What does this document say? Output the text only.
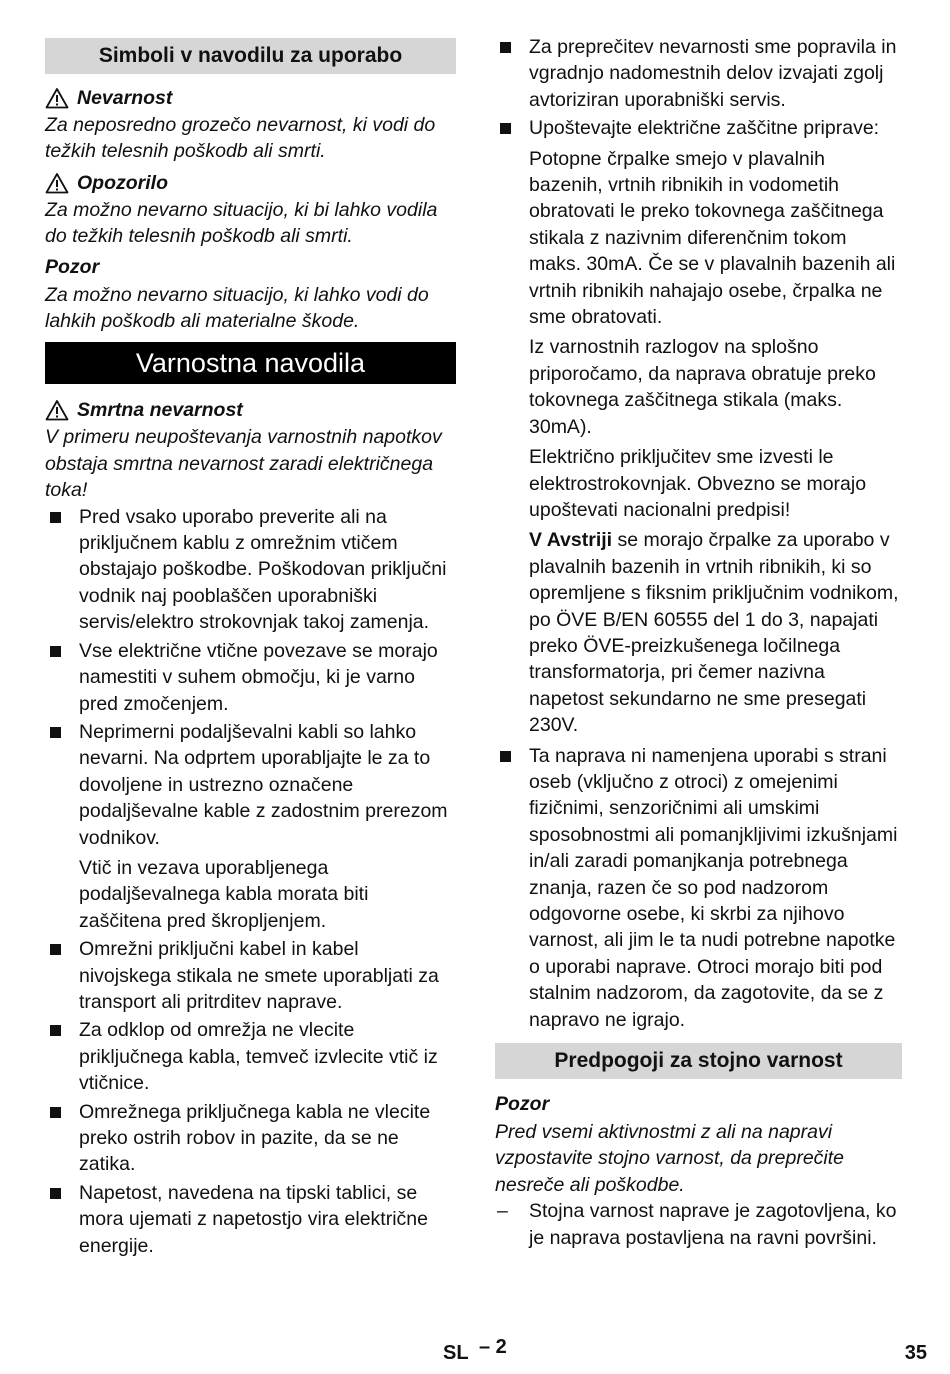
Simboli v navodilu za uporabo
Nevarnost
Za neposredno grozečo nevarnost, ki vodi do težkih telesnih poškodb ali smrti.
Opozorilo
Za možno nevarno situacijo, ki bi lahko vodila do težkih telesnih poškodb ali smrti.
Pozor
Za možno nevarno situacijo, ki lahko vodi do lahkih poškodb ali materialne škode.
Varnostna navodila
Smrtna nevarnost
V primeru neupoštevanja varnostnih napotkov obstaja smrtna nevarnost zaradi električnega toka!

Pred vsako uporabo preverite ali na priključnem kablu z omrežnim vtičem obstajajo poškodbe. Poškodovan priključni vodnik naj pooblaščen uporabniški servis/elektro strokovnjak takoj zamenja.

Vse električne vtične povezave se morajo namestiti v suhem območju, ki je varno pred zmočenjem.

Neprimerni podaljševalni kabli so lahko nevarni. Na odprtem uporabljajte le za to dovoljene in ustrezno označene podaljševalne kable z zadostnim prerezom vodnikov.

Vtič in vezava uporabljenega podaljševalnega kabla morata biti zaščitena pred škropljenjem.

Omrežni priključni kabel in kabel nivojskega stikala ne smete uporabljati za transport ali pritrditev naprave.

Za odklop od omrežja ne vlecite priključnega kabla, temveč izvlecite vtič iz vtičnice.

Omrežnega priključnega kabla ne vlecite preko ostrih robov in pazite, da se ne zatika.

Napetost, navedena na tipski tablici, se mora ujemati z napetostjo vira električne energije.

Za preprečitev nevarnosti sme popravila in vgradnjo nadomestnih delov izvajati zgolj avtoriziran uporabniški servis.

Upoštevajte električne zaščitne priprave:

Potopne črpalke smejo v plavalnih bazenih, vrtnih ribnikih in vodometih obratovati le preko tokovnega zaščitnega stikala z nazivnim diferenčnim tokom maks. 30mA. Če se v plavalnih bazenih ali vrtnih ribnikih nahajajo osebe, črpalka ne sme obratovati.

Iz varnostnih razlogov na splošno priporočamo, da naprava obratuje preko tokovnega zaščitnega stikala (maks. 30mA).

Električno priključitev sme izvesti le elektrostrokovnjak. Obvezno se morajo upoštevati nacionalni predpisi!

V Avstriji se morajo črpalke za uporabo v plavalnih bazenih in vrtnih ribnikih, ki so opremljene s fiksnim priključnim vodnikom, po ÖVE B/EN 60555 del 1 do 3, napajati preko ÖVE-preizkušenega ločilnega transformatorja, pri čemer nazivna napetost sekundarno ne sme presegati 230V.

Ta naprava ni namenjena uporabi s strani oseb (vključno z otroci) z omejenimi fizičnimi, senzoričnimi ali umskimi sposobnostmi ali pomanjkljivimi izkušnjami in/ali zaradi pomanjkanja potrebnega znanja, razen če so pod nadzorom odgovorne osebe, ki skrbi za njihovo varnost, ali jim le ta nudi potrebne napotke o uporabi naprave. Otroci morajo biti pod stalnim nadzorom, da zagotovite, da se z napravo ne igrajo.

Predpogoji za stojno varnost
Pozor
Pred vsemi aktivnostmi z ali na napravi vzpostavite stojno varnost, da preprečite nesreče ali poškodbe.
– Stojna varnost naprave je zagotovljena, ko je naprava postavljena na ravni površini.

SL – 2	35
